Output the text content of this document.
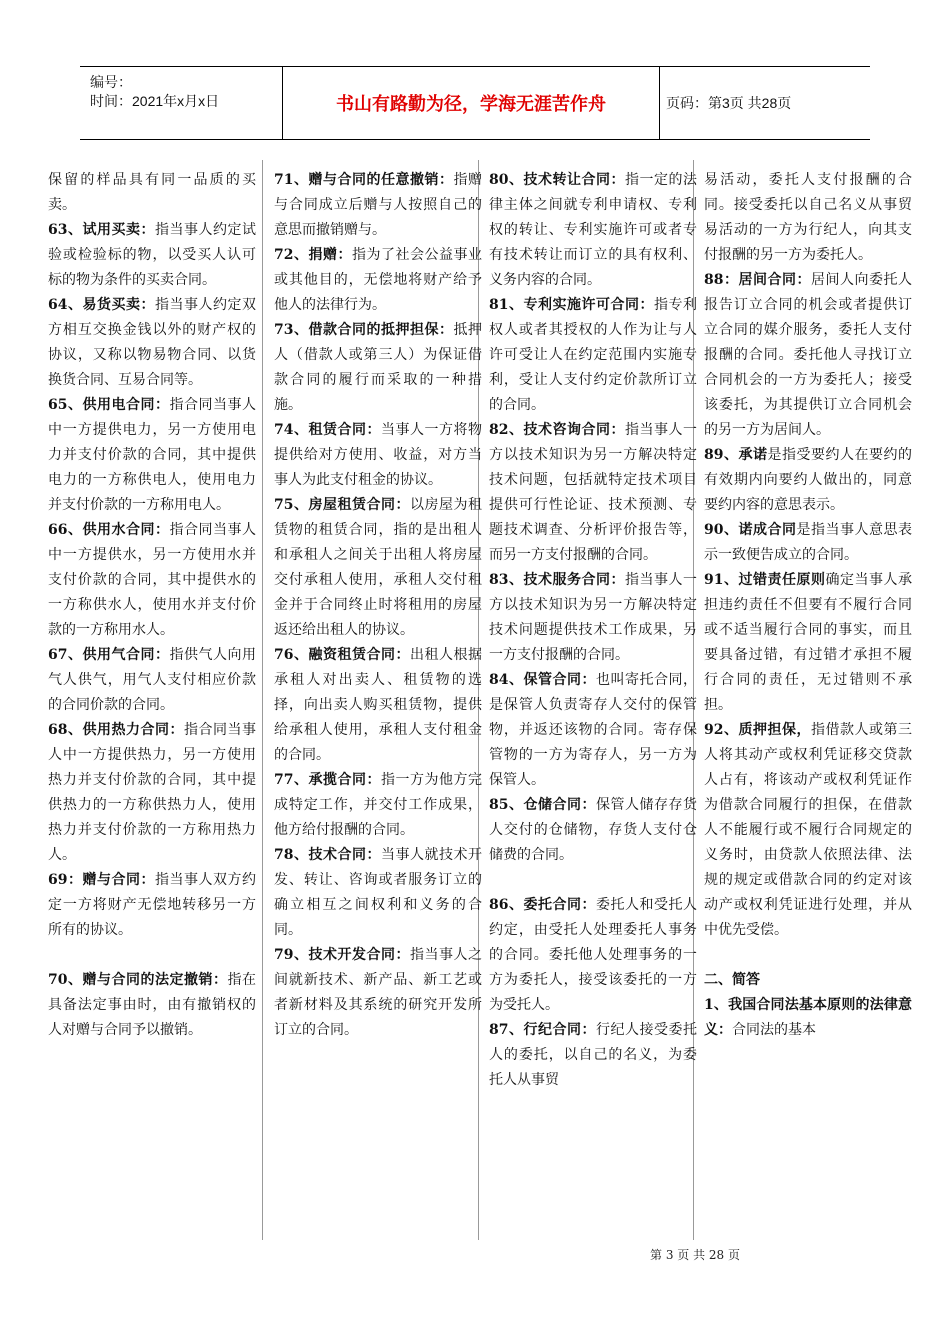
编号：
时间：2021年x月x日	书山有路勤为径，学海无涯苦作舟	页码：第3页 共28页

保留的样品具有同一品质的买卖。

63、试用买卖：指当事人约定试验或检验标的物，以受买人认可标的物为条件的买卖合同。

64、易货买卖：指当事人约定双方相互交换金钱以外的财产权的协议，又称以物易物合同、以货换货合同、互易合同等。

65、供用电合同：指合同当事人中一方提供电力，另一方使用电力并支付价款的合同，其中提供电力的一方称供电人，使用电力并支付价款的一方称用电人。

66、供用水合同：指合同当事人中一方提供水，另一方使用水并支付价款的合同，其中提供水的一方称供水人，使用水并支付价款的一方称用水人。

67、供用气合同：指供气人向用气人供气，用气人支付相应价款的合同价款的合同。

68、供用热力合同：指合同当事人中一方提供热力，另一方使用热力并支付价款的合同，其中提供热力的一方称供热力人，使用热力并支付价款的一方称用热力人。

69：赠与合同：指当事人双方约定一方将财产无偿地转移另一方所有的协议。

70、赠与合同的法定撤销：指在具备法定事由时，由有撤销权的人对赠与合同予以撤销。

71、赠与合同的任意撤销：指赠与合同成立后赠与人按照自己的意思而撤销赠与。

72、捐赠：指为了社会公益事业或其他目的，无偿地将财产给予他人的法律行为。

73、借款合同的抵押担保：抵押人（借款人或第三人）为保证借款合同的履行而采取的一种措施。

74、租赁合同：当事人一方将物提供给对方使用、收益，对方当事人为此支付租金的协议。

75、房屋租赁合同：以房屋为租赁物的租赁合同，指的是出租人和承租人之间关于出租人将房屋交付承租人使用，承租人交付租金并于合同终止时将租用的房屋返还给出租人的协议。

76、融资租赁合同：出租人根据承租人对出卖人、租赁物的选择，向出卖人购买租赁物，提供给承租人使用，承租人支付租金的合同。

77、承揽合同：指一方为他方完成特定工作，并交付工作成果，他方给付报酬的合同。

78、技术合同：当事人就技术开发、转让、咨询或者服务订立的确立相互之间权利和义务的合同。

79、技术开发合同：指当事人之间就新技术、新产品、新工艺或者新材料及其系统的研究开发所订立的合同。

80、技术转让合同：指一定的法律主体之间就专利申请权、专利权的转让、专利实施许可或者专有技术转让而订立的具有权利、义务内容的合同。

81、专利实施许可合同：指专利权人或者其授权的人作为让与人许可受让人在约定范围内实施专利，受让人支付约定价款所订立的合同。

82、技术咨询合同：指当事人一方以技术知识为另一方解决特定技术问题，包括就特定技术项目提供可行性论证、技术预测、专题技术调查、分析评价报告等，而另一方支付报酬的合同。

83、技术服务合同：指当事人一方以技术知识为另一方解决特定技术问题提供技术工作成果，另一方支付报酬的合同。

84、保管合同：也叫寄托合同，是保管人负责寄存人交付的保管物，并返还该物的合同。寄存保管物的一方为寄存人，另一方为保管人。

85、仓储合同：保管人储存存货人交付的仓储物，存货人支付仓储费的合同。

86、委托合同：委托人和受托人约定，由受托人处理委托人事务的合同。委托他人处理事务的一方为委托人，接受该委托的一方为受托人。

87、行纪合同：行纪人接受委托人的委托，以自己的名义，为委托人从事贸

易活动，委托人支付报酬的合同。接受委托以自己名义从事贸易活动的一方为行纪人，向其支付报酬的另一方为委托人。

88：居间合同：居间人向委托人报告订立合同的机会或者提供订立合同的媒介服务，委托人支付报酬的合同。委托他人寻找订立合同机会的一方为委托人；接受该委托，为其提供订立合同机会的另一方为居间人。

89、承诺是指受要约人在要约的有效期内向要约人做出的，同意要约内容的意思表示。

90、诺成合同是指当事人意思表示一致便告成立的合同。

91、过错责任原则确定当事人承担违约责任不但要有不履行合同或不适当履行合同的事实，而且要具备过错，有过错才承担不履行合同的责任，无过错则不承担。

92、质押担保，指借款人或第三人将其动产或权利凭证移交贷款人占有，将该动产或权利凭证作为借款合同履行的担保，在借款人不能履行或不履行合同规定的义务时，由贷款人依照法律、法规的规定或借款合同的约定对该动产或权利凭证进行处理，并从中优先受偿。

二、简答

1、我国合同法基本原则的法律意义：合同法的基本

第 3 页 共 28 页
